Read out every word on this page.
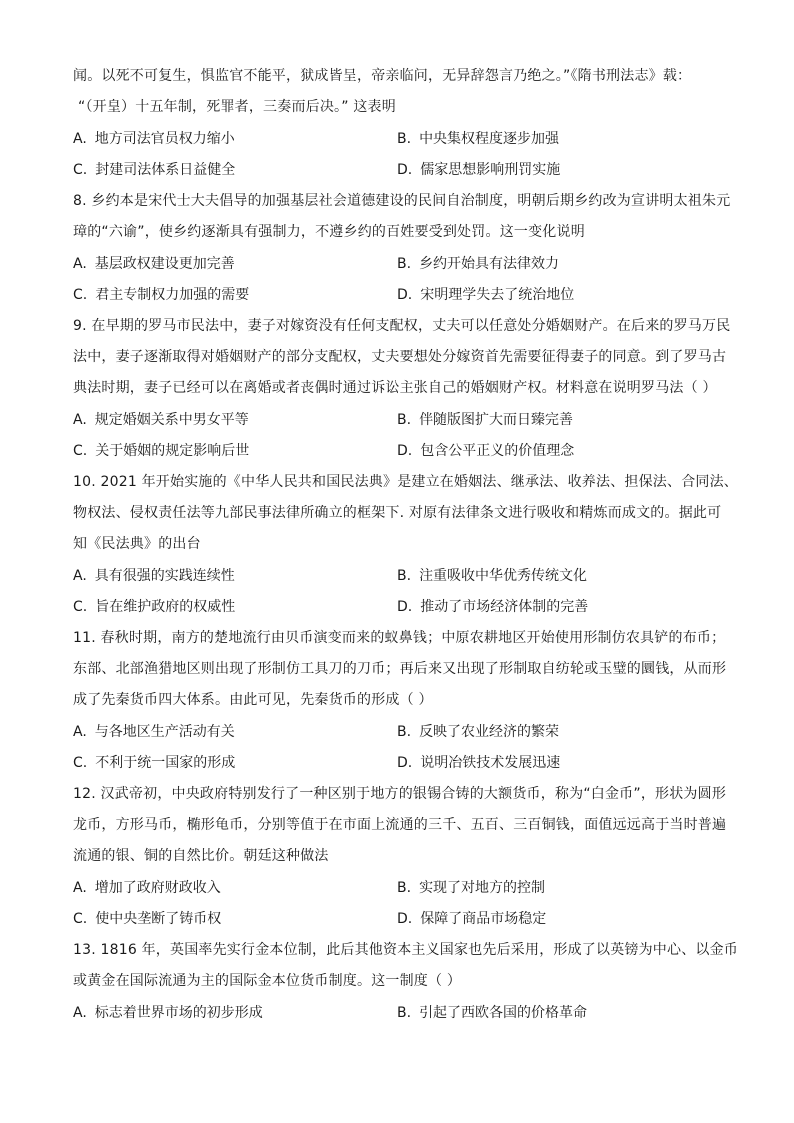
闻。以死不可复生，惧监官不能平，狱成皆呈，帝亲临问，无异辞怨言乃绝之。”《隋书刑法志》载：
“（开皇）十五年制，死罪者，三奏而后决。” 这表明
A. 地方司法官员权力缩小	B. 中央集权程度逐步加强
C. 封建司法体系日益健全	D. 儒家思想影响刑罚实施
8. 乡约本是宋代士大夫倡导的加强基层社会道德建设的民间自治制度，明朝后期乡约改为宣讲明太祖朱元
璋的“六谕”，使乡约逐渐具有强制力，不遵乡约的百姓要受到处罚。这一变化说明
A. 基层政权建设更加完善	B. 乡约开始具有法律效力
C. 君主专制权力加强的需要	D. 宋明理学失去了统治地位
9. 在早期的罗马市民法中，妻子对嫁资没有任何支配权，丈夫可以任意处分婚姻财产。在后来的罗马万民
法中，妻子逐渐取得对婚姻财产的部分支配权，丈夫要想处分嫁资首先需要征得妻子的同意。到了罗马古
典法时期，妻子已经可以在离婚或者丧偶时通过诉讼主张自己的婚姻财产权。材料意在说明罗马法（ ）
A. 规定婚姻关系中男女平等	B. 伴随版图扩大而日臻完善
C. 关于婚姻的规定影响后世	D. 包含公平正义的价值理念
10. 2021 年开始实施的《中华人民共和国民法典》是建立在婚姻法、继承法、收养法、担保法、合同法、
物权法、侵权责任法等九部民事法律所确立的框架下. 对原有法律条文进行吸收和精炼而成文的。据此可
知《民法典》的出台
A. 具有很强的实践连续性	B. 注重吸收中华优秀传统文化
C. 旨在维护政府的权威性	D. 推动了市场经济体制的完善
11. 春秋时期，南方的楚地流行由贝币演变而来的蚁鼻钱；中原农耕地区开始使用形制仿农具铲的布币；
东部、北部渔猎地区则出现了形制仿工具刀的刀币；再后来又出现了形制取自纺轮或玉璧的圜钱，从而形
成了先秦货币四大体系。由此可见，先秦货币的形成（ ）
A. 与各地区生产活动有关	B. 反映了农业经济的繁荣
C. 不利于统一国家的形成	D. 说明冶铁技术发展迅速
12. 汉武帝初，中央政府特别发行了一种区别于地方的银锡合铸的大额货币，称为“白金币”，形状为圆形
龙币，方形马币，椭形龟币，分别等值于在市面上流通的三千、五百、三百铜钱，面值远远高于当时普遍
流通的银、铜的自然比价。朝廷这种做法
A. 增加了政府财政收入	B. 实现了对地方的控制
C. 使中央垄断了铸币权	D. 保障了商品市场稳定
13. 1816 年，英国率先实行金本位制，此后其他资本主义国家也先后采用，形成了以英镑为中心、以金币
或黄金在国际流通为主的国际金本位货币制度。这一制度（ ）
A. 标志着世界市场的初步形成	B. 引起了西欧各国的价格革命
